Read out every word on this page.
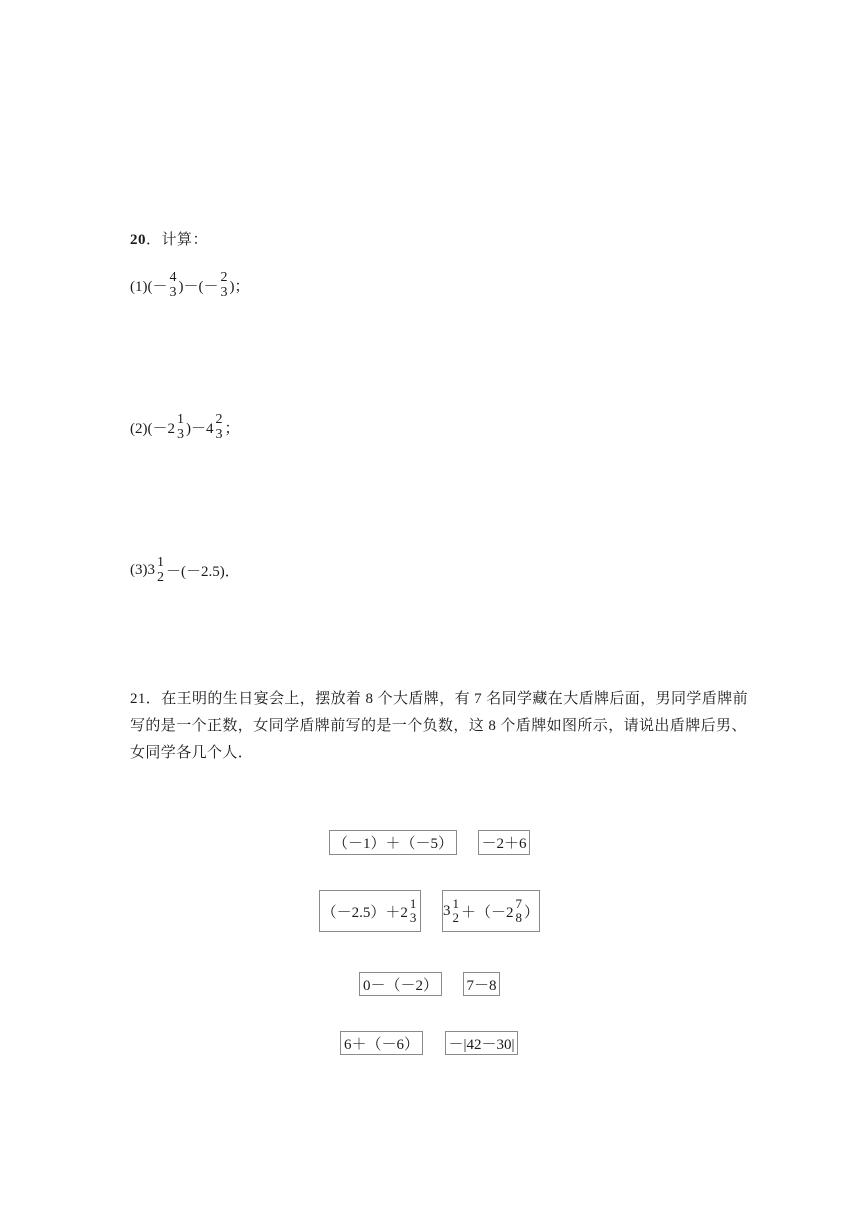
20．计算：
(1)(－
4
3 )－(－
2
3 )；
(2)(－2
1
3 )－4
2
3 ；
(3)3 1
2 －(－2.5)．
21．在王明的生日宴会上，摆放着 8 个大盾牌，有 7 名同学藏在大盾牌后面，男同学盾牌前
写的是一个正数，女同学盾牌前写的是一个负数，这 8 个盾牌如图所示，请说出盾牌后男、
女同学各几个人．
（－1）＋（－5） －2＋6
（－2.5）＋2
1
3 3 1
2 ＋（－2
7
8 ）
0－（－2） 7－8
6＋（－6） －|42－30|
